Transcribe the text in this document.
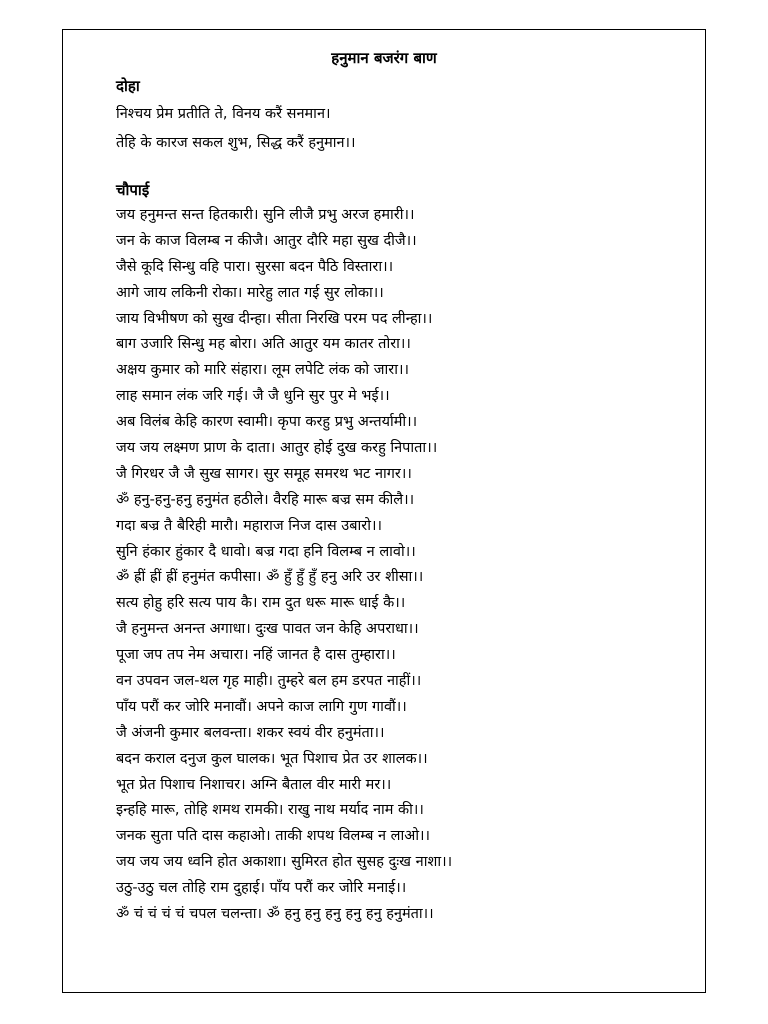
हनुमान बजरंग बाण
दोहा
निश्चय प्रेम प्रतीति ते, विनय करैं सनमान।
तेहि के कारज सकल शुभ, सिद्ध करैं हनुमान।।
चौपाई
जय हनुमन्त सन्त हितकारी। सुनि लीजै प्रभु अरज हमारी।।
जन के काज विलम्ब न कीजै। आतुर दौरि महा सुख दीजै।।
जैसे कूदि सिन्धु वहि पारा। सुरसा बदन पैठि विस्तारा।।
आगे जाय लकिनी रोका। मारेहु लात गई सुर लोका।।
जाय विभीषण को सुख दीन्हा। सीता निरखि परम पद लीन्हा।।
बाग उजारि सिन्धु मह बोरा। अति आतुर यम कातर तोरा।।
अक्षय कुमार को मारि संहारा। लूम लपेटि लंक को जारा।।
लाह समान लंक जरि गई। जै जै धुनि सुर पुर मे भई।।
अब विलंब केहि कारण स्वामी। कृपा करहु प्रभु अन्तर्यामी।।
जय जय लक्ष्मण प्राण के दाता। आतुर होई दुख करहु निपाता।।
जै गिरधर जै जै सुख सागर। सुर समूह समरथ भट नागर।।
ॐ हनु-हनु-हनु हनुमंत हठीले। वैरहि मारू बज्र सम कीलै।।
गदा बज्र तै बैरिही मारौ। महाराज निज दास उबारो।।
सुनि हंकार हुंकार दै धावो। बज्र गदा हनि विलम्ब न लावो।।
ॐ ह्रीं ह्रीं ह्रीं हनुमंत कपीसा। ॐ हुँ हुँ हुँ हनु अरि उर शीसा।।
सत्य होहु हरि सत्य पाय कै। राम दुत धरू मारू धाई कै।।
जै हनुमन्त अनन्त अगाधा। दुःख पावत जन केहि अपराधा।।
पूजा जप तप नेम अचारा। नहिं जानत है दास तुम्हारा।।
वन उपवन जल-थल गृह माही। तुम्हरे बल हम डरपत नाहीं।।
पाँय परौं कर जोरि मनावौं। अपने काज लागि गुण गावौं।।
जै अंजनी कुमार बलवन्ता। शकर स्वयं वीर हनुमंता।।
बदन कराल दनुज कुल घालक। भूत पिशाच प्रेत उर शालक।।
भूत प्रेत पिशाच निशाचर। अग्नि बैताल वीर मारी मर।।
इन्हहि मारू, तोहि शमथ रामकी। राखु नाथ मर्याद नाम की।।
जनक सुता पति दास कहाओ। ताकी शपथ विलम्ब न लाओ।।
जय जय जय ध्वनि होत अकाशा। सुमिरत होत सुसह दुःख नाशा।।
उठु-उठु चल तोहि राम दुहाई। पाँय परौं कर जोरि मनाई।।
ॐ चं चं चं चं चपल चलन्ता। ॐ हनु हनु हनु हनु हनु हनुमंता।।
